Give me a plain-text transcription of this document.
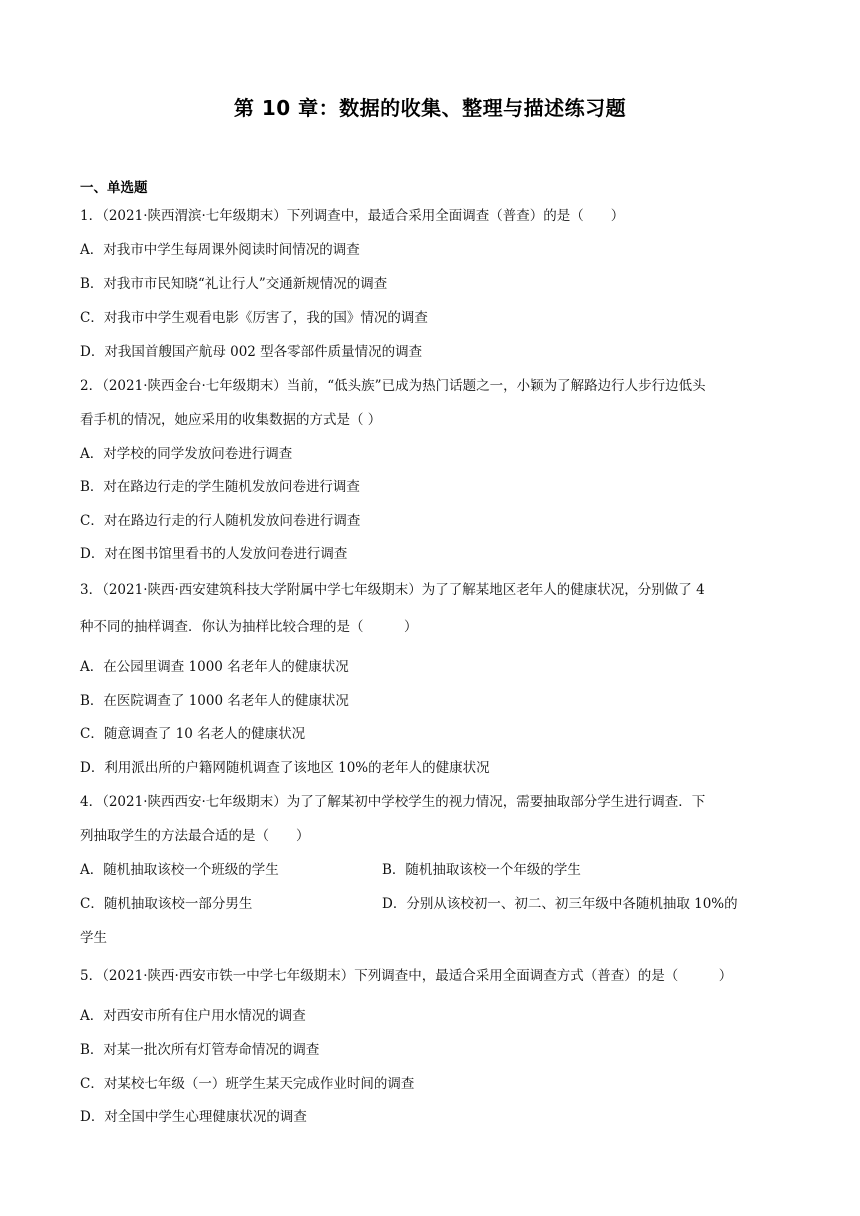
第 10 章：数据的收集、整理与描述练习题
一、单选题
1．（2021·陕西渭滨·七年级期末）下列调查中，最适合采用全面调查（普查）的是（　　）
A．对我市中学生每周课外阅读时间情况的调查
B．对我市市民知晓“礼让行人”交通新规情况的调查
C．对我市中学生观看电影《厉害了，我的国》情况的调查
D．对我国首艘国产航母 002 型各零部件质量情况的调查
2．（2021·陕西金台·七年级期末）当前，“低头族”已成为热门话题之一，小颖为了解路边行人步行边低头
看手机的情况，她应采用的收集数据的方式是（ ）
A．对学校的同学发放问卷进行调查
B．对在路边行走的学生随机发放问卷进行调查
C．对在路边行走的行人随机发放问卷进行调查
D．对在图书馆里看书的人发放问卷进行调查
3．（2021·陕西·西安建筑科技大学附属中学七年级期末）为了了解某地区老年人的健康状况，分别做了 4
种不同的抽样调查．你认为抽样比较合理的是（　　　）
A．在公园里调查 1000 名老年人的健康状况
B．在医院调查了 1000 名老年人的健康状况
C．随意调查了 10 名老人的健康状况
D．利用派出所的户籍网随机调查了该地区 10%的老年人的健康状况
4．（2021·陕西西安·七年级期末）为了了解某初中学校学生的视力情况，需要抽取部分学生进行调查．下
列抽取学生的方法最合适的是（　　）
A．随机抽取该校一个班级的学生	B．随机抽取该校一个年级的学生
C．随机抽取该校一部分男生	D．分别从该校初一、初二、初三年级中各随机抽取 10%的
学生
5．（2021·陕西·西安市铁一中学七年级期末）下列调查中，最适合采用全面调查方式（普查）的是（　　　）
A．对西安市所有住户用水情况的调查
B．对某一批次所有灯管寿命情况的调查
C．对某校七年级（一）班学生某天完成作业时间的调查
D．对全国中学生心理健康状况的调查
